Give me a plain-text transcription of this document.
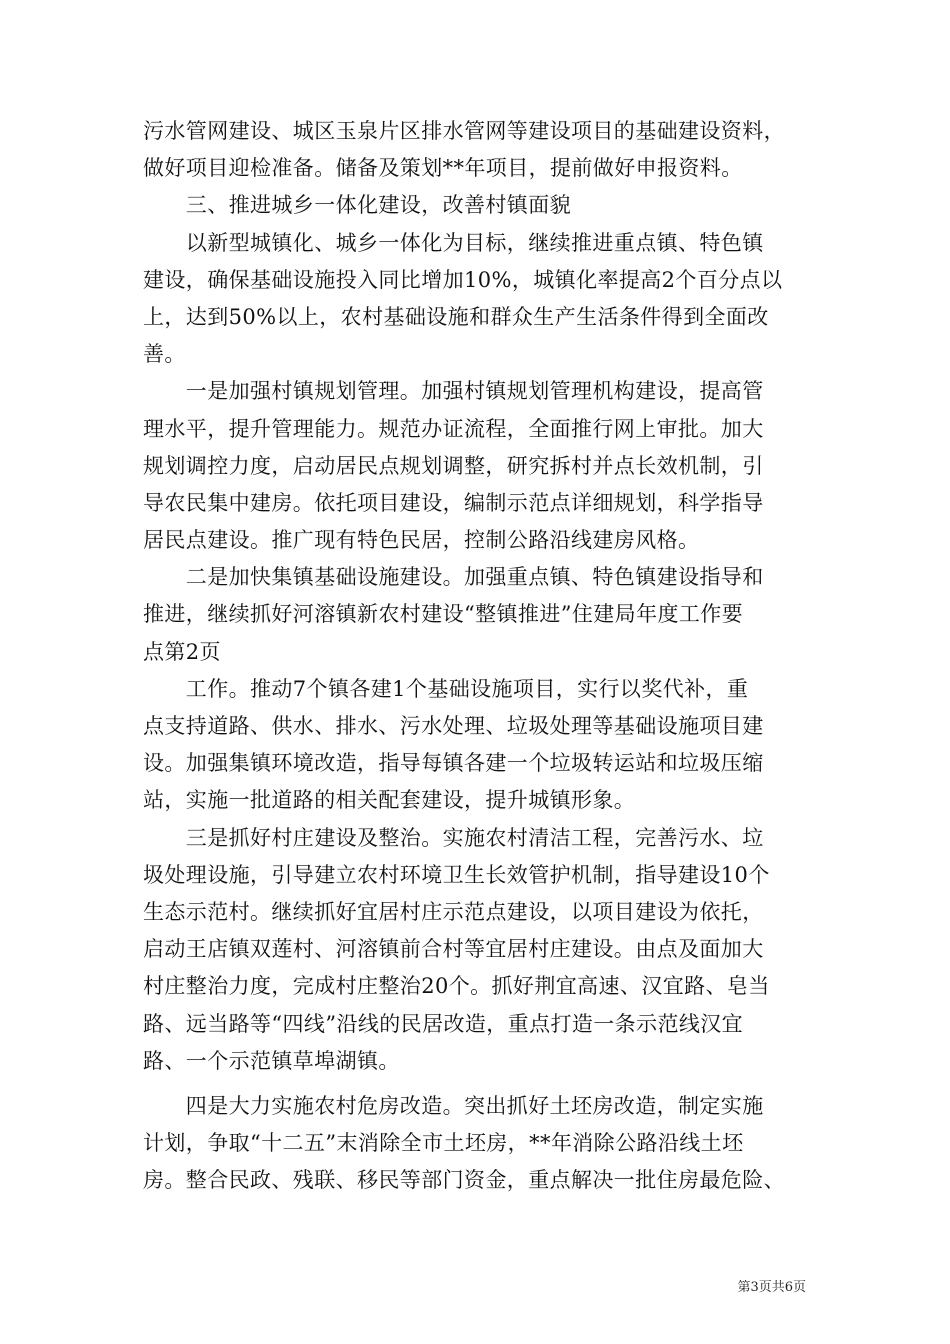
污水管网建设、城区玉泉片区排水管网等建设项目的基础建设资料，
做好项目迎检准备。储备及策划**年项目，提前做好申报资料。
　　三、推进城乡一体化建设，改善村镇面貌
　　以新型城镇化、城乡一体化为目标，继续推进重点镇、特色镇
建设，确保基础设施投入同比增加10%，城镇化率提高2个百分点以
上，达到50%以上，农村基础设施和群众生产生活条件得到全面改
善。
　　一是加强村镇规划管理。加强村镇规划管理机构建设，提高管
理水平，提升管理能力。规范办证流程，全面推行网上审批。加大
规划调控力度，启动居民点规划调整，研究拆村并点长效机制，引
导农民集中建房。依托项目建设，编制示范点详细规划，科学指导
居民点建设。推广现有特色民居，控制公路沿线建房风格。
　　二是加快集镇基础设施建设。加强重点镇、特色镇建设指导和
推进，继续抓好河溶镇新农村建设“整镇推进”住建局年度工作要
点第2页
　　工作。推动7个镇各建1个基础设施项目，实行以奖代补，重
点支持道路、供水、排水、污水处理、垃圾处理等基础设施项目建
设。加强集镇环境改造，指导每镇各建一个垃圾转运站和垃圾压缩
站，实施一批道路的相关配套建设，提升城镇形象。
　　三是抓好村庄建设及整治。实施农村清洁工程，完善污水、垃
圾处理设施，引导建立农村环境卫生长效管护机制，指导建设10个
生态示范村。继续抓好宜居村庄示范点建设，以项目建设为依托，
启动王店镇双莲村、河溶镇前合村等宜居村庄建设。由点及面加大
村庄整治力度，完成村庄整治20个。抓好荆宜高速、汉宜路、皂当
路、远当路等“四线”沿线的民居改造，重点打造一条示范线汉宜
路、一个示范镇草埠湖镇。
　　四是大力实施农村危房改造。突出抓好土坯房改造，制定实施
计划，争取“十二五”末消除全市土坯房，**年消除公路沿线土坯
房。整合民政、残联、移民等部门资金，重点解决一批住房最危险、
第3页共6页
